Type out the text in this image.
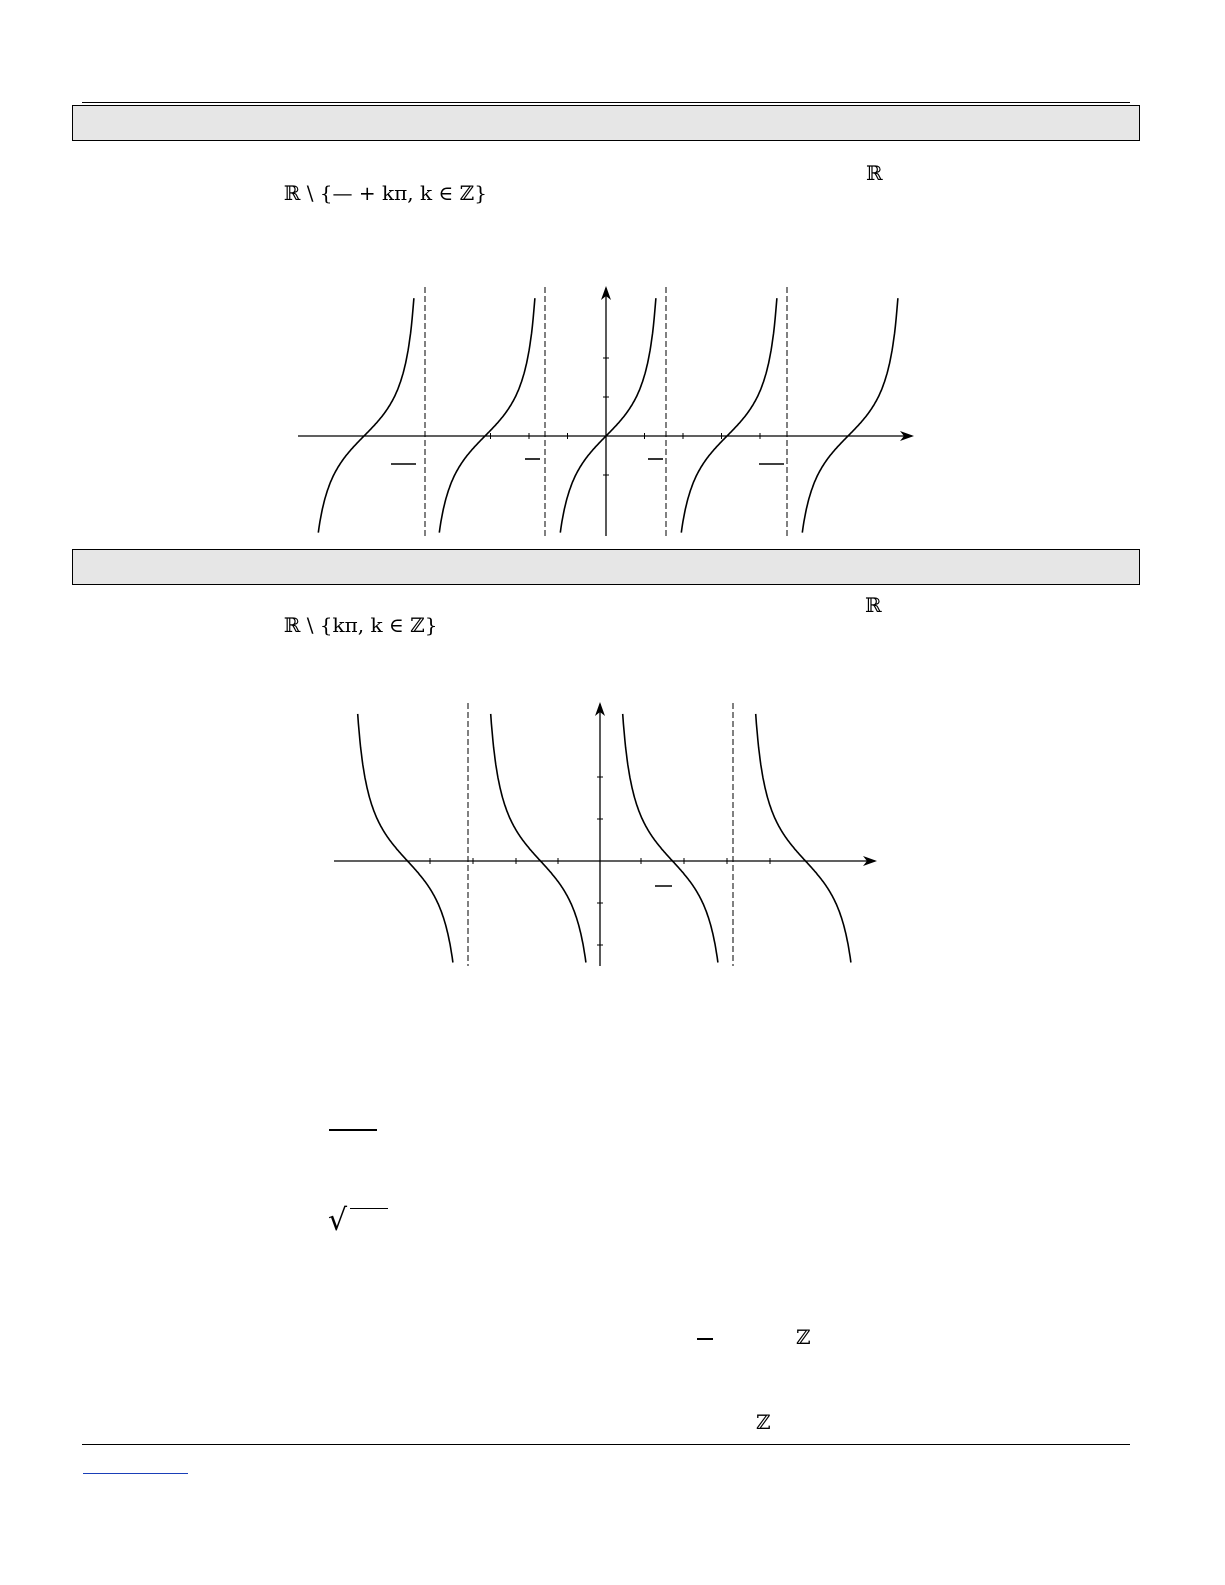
ℝ \ {— + kπ, k ∈ ℤ}

ℝ

ℝ \ {kπ, k ∈ ℤ}

ℝ
√
ℤ
ℤ
